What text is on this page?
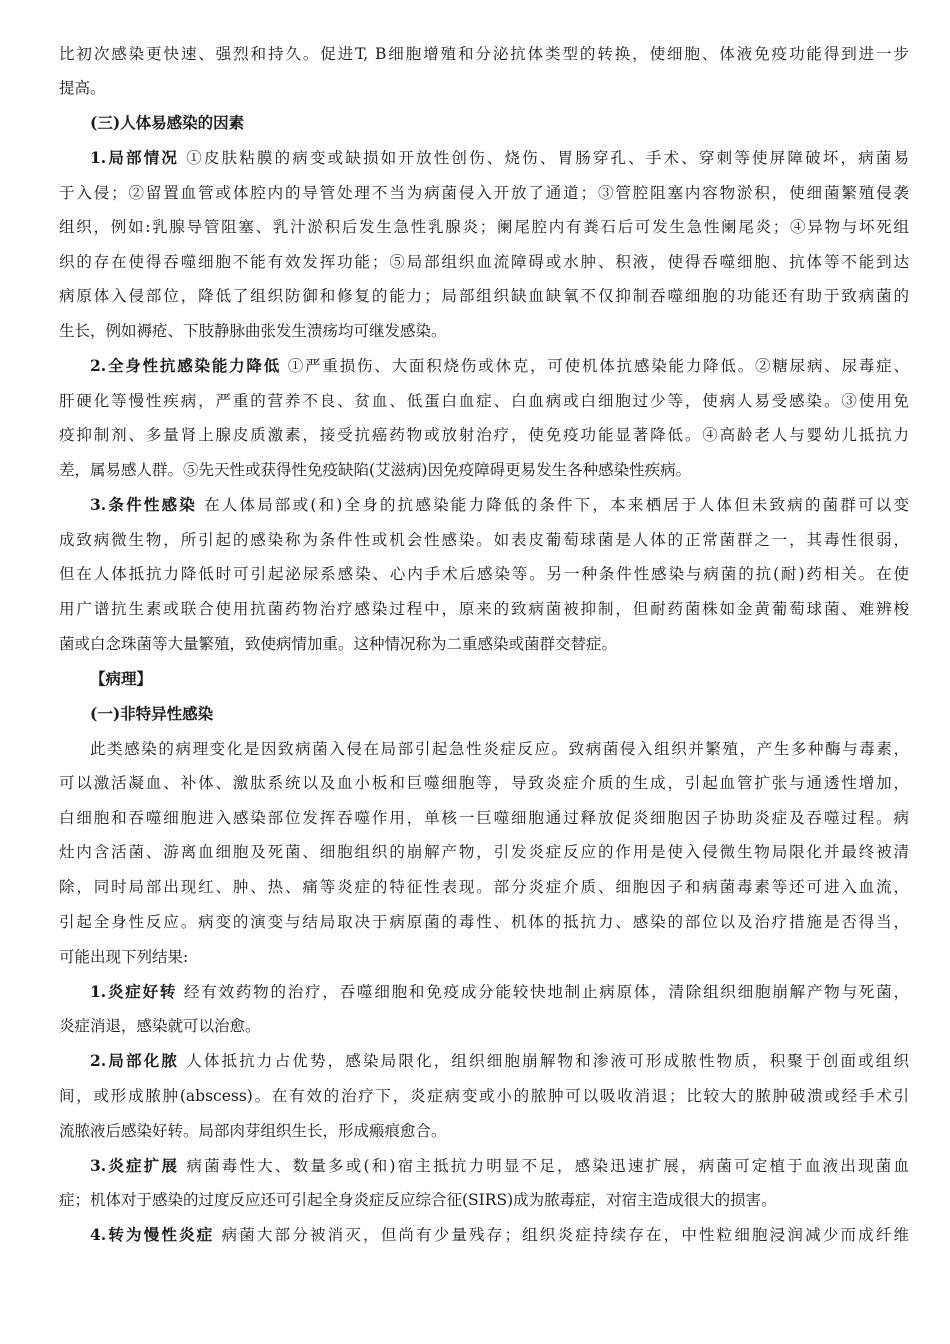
比初次感染更快速、强烈和持久。促进T, B细胞增殖和分泌抗体类型的转换，使细胞、体液免疫功能得到进一步
提高。
(三)人体易感染的因素
1.局部情况 ①皮肤粘膜的病变或缺损如开放性创伤、烧伤、胃肠穿孔、手术、穿刺等使屏障破坏，病菌易
于入侵；②留置血管或体腔内的导管处理不当为病菌侵入开放了通道；③管腔阻塞内容物淤积，使细菌繁殖侵袭
组织，例如:乳腺导管阻塞、乳汁淤积后发生急性乳腺炎；阑尾腔内有粪石后可发生急性阑尾炎；④异物与坏死组
织的存在使得吞噬细胞不能有效发挥功能；⑤局部组织血流障碍或水肿、积液，使得吞噬细胞、抗体等不能到达
病原体入侵部位，降低了组织防御和修复的能力；局部组织缺血缺氧不仅抑制吞噬细胞的功能还有助于致病菌的
生长，例如褥疮、下肢静脉曲张发生溃疡均可继发感染。
2.全身性抗感染能力降低 ①严重损伤、大面积烧伤或休克，可使机体抗感染能力降低。②糖尿病、尿毒症、
肝硬化等慢性疾病，严重的营养不良、贫血、低蛋白血症、白血病或白细胞过少等，使病人易受感染。③使用免
疫抑制剂、多量肾上腺皮质激素，接受抗癌药物或放射治疗，使免疫功能显著降低。④高龄老人与婴幼儿抵抗力
差，属易感人群。⑤先天性或获得性免疫缺陷(艾滋病)因免疫障碍更易发生各种感染性疾病。
3.条件性感染 在人体局部或(和)全身的抗感染能力降低的条件下，本来栖居于人体但未致病的菌群可以变
成致病微生物，所引起的感染称为条件性或机会性感染。如表皮葡萄球菌是人体的正常菌群之一，其毒性很弱，
但在人体抵抗力降低时可引起泌尿系感染、心内手术后感染等。另一种条件性感染与病菌的抗(耐)药相关。在使
用广谱抗生素或联合使用抗菌药物治疗感染过程中，原来的致病菌被抑制，但耐药菌株如金黄葡萄球菌、难辨梭
菌或白念珠菌等大量繁殖，致使病情加重。这种情况称为二重感染或菌群交替症。
【病理】
(一)非特异性感染
此类感染的病理变化是因致病菌入侵在局部引起急性炎症反应。致病菌侵入组织并繁殖，产生多种酶与毒素，
可以激活凝血、补体、激肽系统以及血小板和巨噬细胞等，导致炎症介质的生成，引起血管扩张与通透性增加，
白细胞和吞噬细胞进入感染部位发挥吞噬作用，单核一巨噬细胞通过释放促炎细胞因子协助炎症及吞噬过程。病
灶内含活菌、游离血细胞及死菌、细胞组织的崩解产物，引发炎症反应的作用是使入侵微生物局限化并最终被清
除，同时局部出现红、肿、热、痛等炎症的特征性表现。部分炎症介质、细胞因子和病菌毒素等还可进入血流，
引起全身性反应。病变的演变与结局取决于病原菌的毒性、机体的抵抗力、感染的部位以及治疗措施是否得当，
可能出现下列结果:
1.炎症好转 经有效药物的治疗，吞噬细胞和免疫成分能较快地制止病原体，清除组织细胞崩解产物与死菌，
炎症消退，感染就可以治愈。
2.局部化脓 人体抵抗力占优势，感染局限化，组织细胞崩解物和渗液可形成脓性物质，积聚于创面或组织
间，或形成脓肿(abscess)。在有效的治疗下，炎症病变或小的脓肿可以吸收消退；比较大的脓肿破溃或经手术引
流脓液后感染好转。局部肉芽组织生长，形成瘢痕愈合。
3.炎症扩展 病菌毒性大、数量多或(和)宿主抵抗力明显不足，感染迅速扩展，病菌可定植于血液出现菌血
症；机体对于感染的过度反应还可引起全身炎症反应综合征(SIRS)成为脓毒症，对宿主造成很大的损害。
4.转为慢性炎症 病菌大部分被消灭，但尚有少量残存；组织炎症持续存在，中性粒细胞浸润减少而成纤维
